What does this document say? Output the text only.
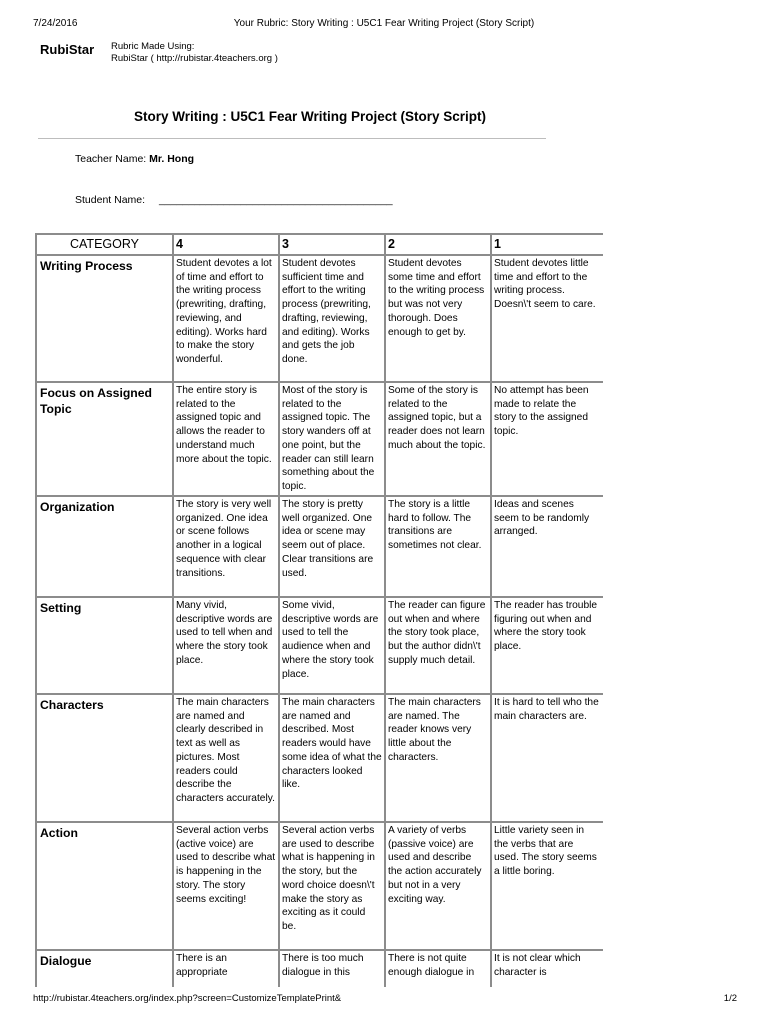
7/24/2016	Your Rubric: Story Writing : U5C1 Fear Writing Project (Story Script)
RubiStar Rubric Made Using:
RubiStar ( http://rubistar.4teachers.org )
Story Writing : U5C1 Fear Writing Project (Story Script)
Teacher Name: Mr. Hong
Student Name: ________________________________________
CATEGORY	4	3	2	1
Writing Process	Student devotes a lot of time and effort to the writing process (prewriting, drafting, reviewing, and editing). Works hard to make the story wonderful.	Student devotes sufficient time and effort to the writing process (prewriting, drafting, reviewing, and editing). Works and gets the job done.	Student devotes some time and effort to the writing process but was not very thorough. Does enough to get by.	Student devotes little time and effort to the writing process. Doesn\'t seem to care.
Focus on Assigned Topic	The entire story is related to the assigned topic and allows the reader to understand much more about the topic.	Most of the story is related to the assigned topic. The story wanders off at one point, but the reader can still learn something about the topic.	Some of the story is related to the assigned topic, but a reader does not learn much about the topic.	No attempt has been made to relate the story to the assigned topic.
Organization	The story is very well organized. One idea or scene follows another in a logical sequence with clear transitions.	The story is pretty well organized. One idea or scene may seem out of place. Clear transitions are used.	The story is a little hard to follow. The transitions are sometimes not clear.	Ideas and scenes seem to be randomly arranged.
Setting	Many vivid, descriptive words are used to tell when and where the story took place.	Some vivid, descriptive words are used to tell the audience when and where the story took place.	The reader can figure out when and where the story took place, but the author didn\'t supply much detail.	The reader has trouble figuring out when and where the story took place.
Characters	The main characters are named and clearly described in text as well as pictures. Most readers could describe the characters accurately.	The main characters are named and described. Most readers would have some idea of what the characters looked like.	The main characters are named. The reader knows very little about the characters.	It is hard to tell who the main characters are.
Action	Several action verbs (active voice) are used to describe what is happening in the story. The story seems exciting!	Several action verbs are used to describe what is happening in the story, but the word choice doesn\'t make the story as exciting as it could be.	A variety of verbs (passive voice) are used and describe the action accurately but not in a very exciting way.	Little variety seen in the verbs that are used. The story seems a little boring.
Dialogue	There is an appropriate	There is too much dialogue in this	There is not quite enough dialogue in	It is not clear which character is
http://rubistar.4teachers.org/index.php?screen=CustomizeTemplatePrint&	1/2
